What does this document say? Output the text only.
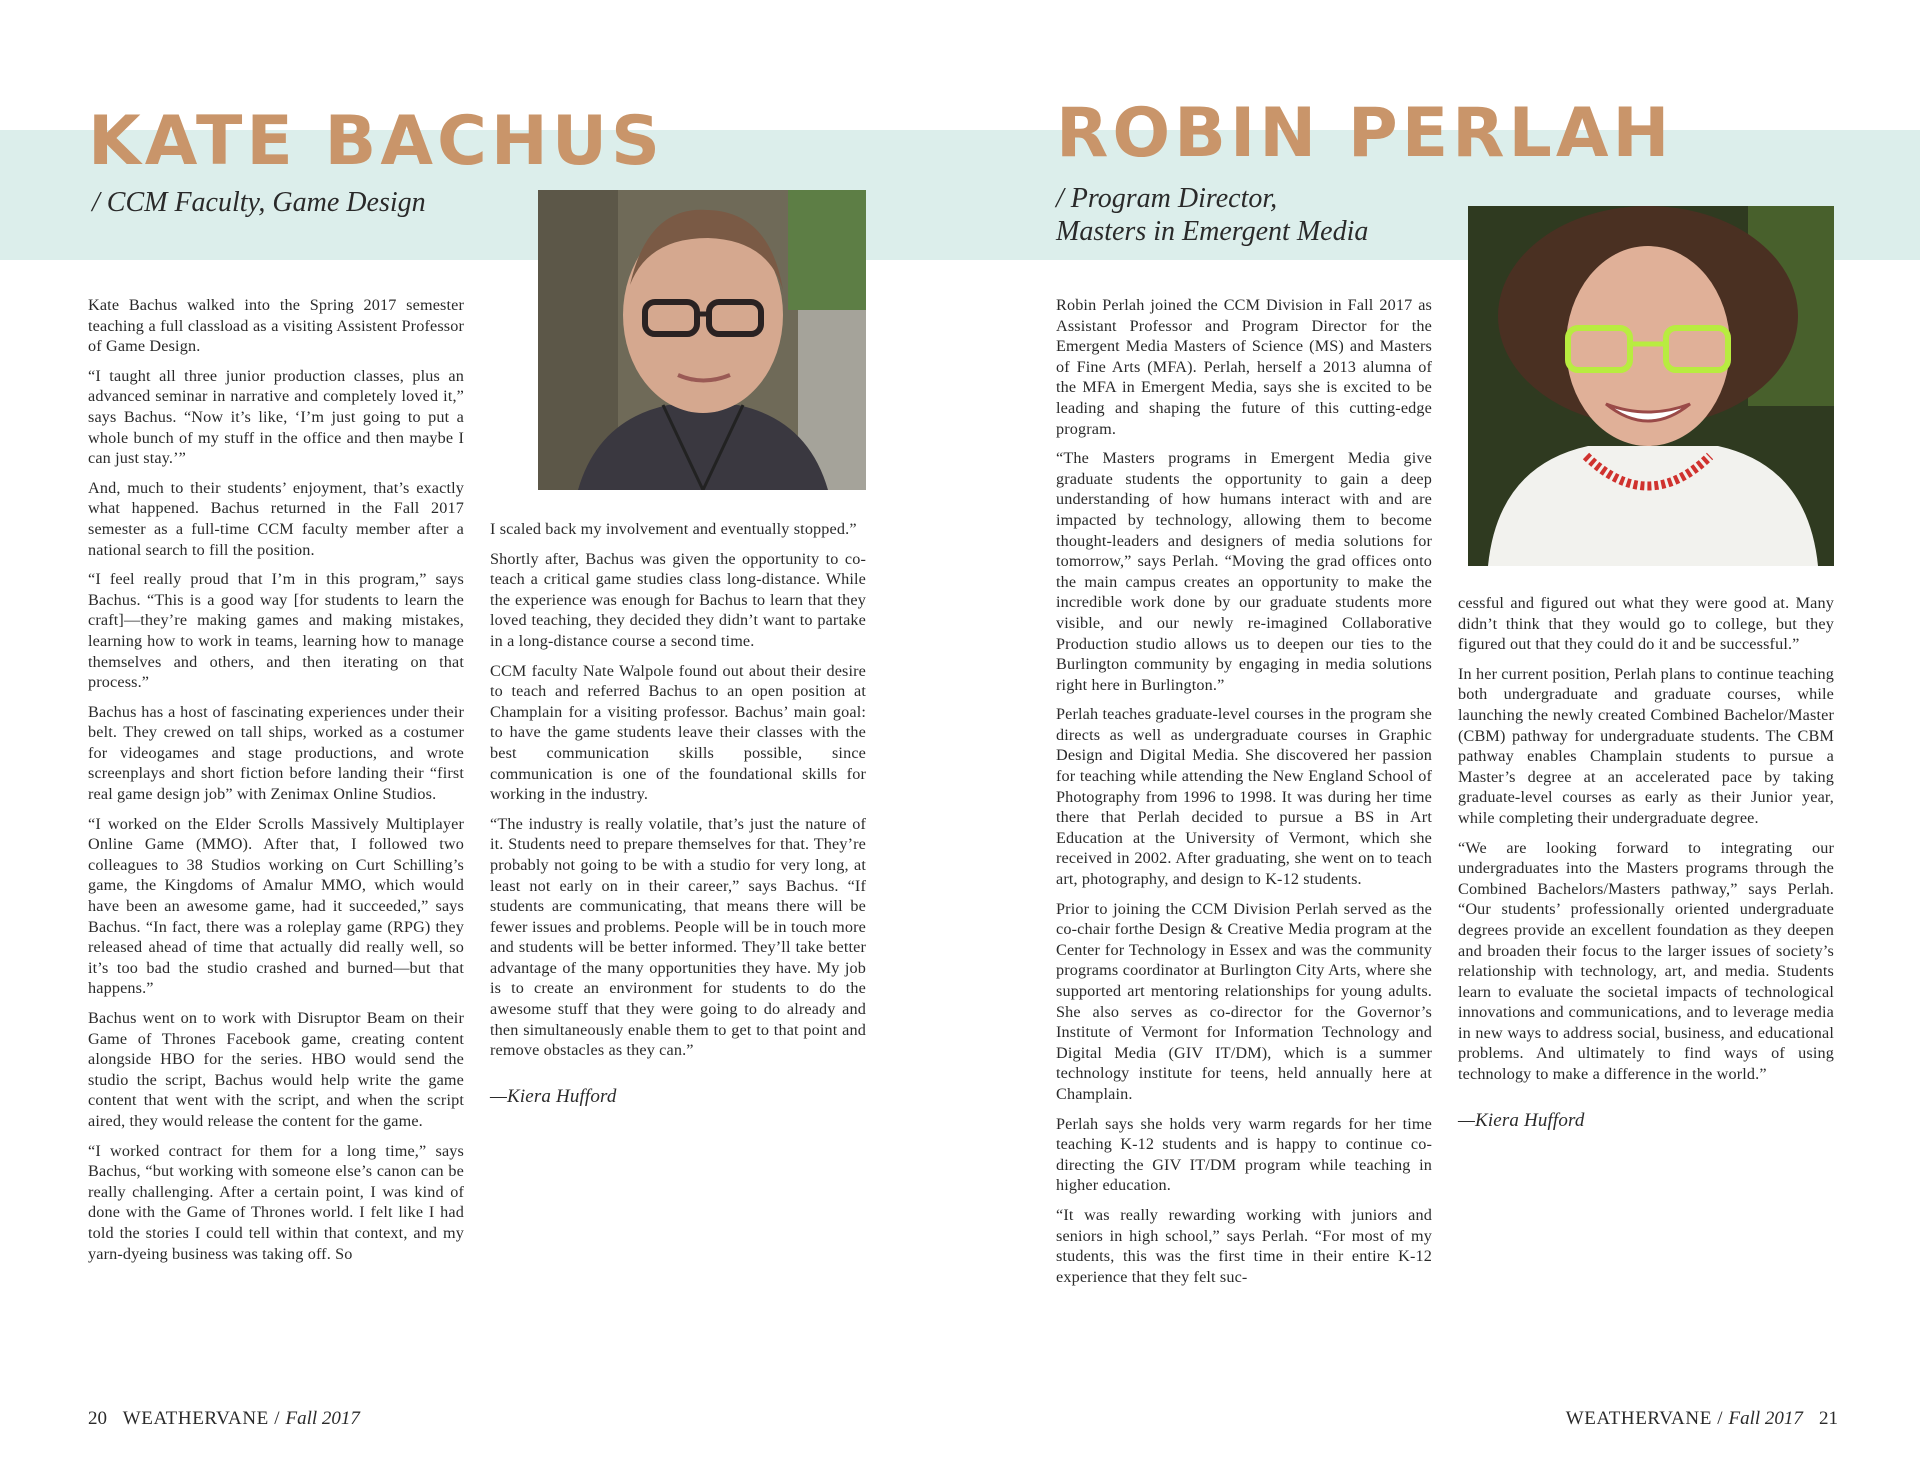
KATE BACHUS

/ CCM Faculty, Game Design

Kate Bachus walked into the Spring 2017 semester teaching a full classload as a visiting Assistent Professor of Game Design.

“I taught all three junior production classes, plus an advanced seminar in narrative and completely loved it,” says Bachus. “Now it’s like, ‘I’m just going to put a whole bunch of my stuff in the office and then maybe I can just stay.’”

And, much to their students’ enjoyment, that’s exactly what happened. Bachus returned in the Fall 2017 semester as a full-time CCM faculty member after a national search to fill the position.

“I feel really proud that I’m in this program,” says Bachus. “This is a good way [for students to learn the craft]—they’re making games and making mistakes, learning how to work in teams, learning how to manage themselves and others, and then iterating on that process.”

Bachus has a host of fascinating experiences under their belt. They crewed on tall ships, worked as a costumer for videogames and stage productions, and wrote screenplays and short fiction before landing their “first real game design job” with Zenimax Online Studios.

“I worked on the Elder Scrolls Massively Multiplayer Online Game (MMO). After that, I followed two colleagues to 38 Studios working on Curt Schilling’s game, the Kingdoms of Amalur MMO, which would have been an awesome game, had it succeeded,” says Bachus. “In fact, there was a roleplay game (RPG) they released ahead of time that actually did really well, so it’s too bad the studio crashed and burned—but that happens.”

Bachus went on to work with Disruptor Beam on their Game of Thrones Facebook game, creating content alongside HBO for the series. HBO would send the studio the script, Bachus would help write the game content that went with the script, and when the script aired, they would release the content for the game.

“I worked contract for them for a long time,” says Bachus, “but working with someone else’s canon can be really challenging. After a certain point, I was kind of done with the Game of Thrones world. I felt like I had told the stories I could tell within that context, and my yarn-dyeing business was taking off. So

I scaled back my involvement and eventually stopped.”

Shortly after, Bachus was given the opportunity to co-teach a critical game studies class long-distance. While the experience was enough for Bachus to learn that they loved teaching, they decided they didn’t want to partake in a long-distance course a second time.

CCM faculty Nate Walpole found out about their desire to teach and referred Bachus to an open position at Champlain for a visiting professor. Bachus’ main goal: to have the game students leave their classes with the best communication skills possible, since communication is one of the foundational skills for working in the industry.

“The industry is really volatile, that’s just the nature of it. Students need to prepare themselves for that. They’re probably not going to be with a studio for very long, at least not early on in their career,” says Bachus. “If students are communicating, that means there will be fewer issues and problems. People will be in touch more and students will be better informed. They’ll take better advantage of the many opportunities they have. My job is to create an environment for students to do the awesome stuff that they were going to do already and then simultaneously enable them to get to that point and remove obstacles as they can.”

—Kiera Hufford

20 WEATHERVANE / Fall 2017
ROBIN PERLAH

/ Program Director,

Masters in Emergent Media

Robin Perlah joined the CCM Division in Fall 2017 as Assistant Professor and Program Director for the Emergent Media Masters of Science (MS) and Masters of Fine Arts (MFA). Perlah, herself a 2013 alumna of the MFA in Emergent Media, says she is excited to be leading and shaping the future of this cutting-edge program.

“The Masters programs in Emergent Media give graduate students the opportunity to gain a deep understanding of how humans interact with and are impacted by technology, allowing them to become thought-leaders and designers of media solutions for tomorrow,” says Perlah. “Moving the grad offices onto the main campus creates an opportunity to make the incredible work done by our graduate students more visible, and our newly re-imagined Collaborative Production studio allows us to deepen our ties to the Burlington community by engaging in media solutions right here in Burlington.”

Perlah teaches graduate-level courses in the program she directs as well as undergraduate courses in Graphic Design and Digital Media. She discovered her passion for teaching while attending the New England School of Photography from 1996 to 1998. It was during her time there that Perlah decided to pursue a BS in Art Education at the University of Vermont, which she received in 2002. After graduating, she went on to teach art, photography, and design to K-12 students.

Prior to joining the CCM Division Perlah served as the co-chair forthe Design & Creative Media program at the Center for Technology in Essex and was the community programs coordinator at Burlington City Arts, where she supported art mentoring relationships for young adults. She also serves as co-director for the Governor’s Institute of Vermont for Information Technology and Digital Media (GIV IT/DM), which is a summer technology institute for teens, held annually here at Champlain.

Perlah says she holds very warm regards for her time teaching K-12 students and is happy to continue co-directing the GIV IT/DM program while teaching in higher education.

“It was really rewarding working with juniors and seniors in high school,” says Perlah. “For most of my students, this was the first time in their entire K-12 experience that they felt suc-

cessful and figured out what they were good at. Many didn’t think that they would go to college, but they figured out that they could do it and be successful.”

In her current position, Perlah plans to continue teaching both undergraduate and graduate courses, while launching the newly created Combined Bachelor/Master (CBM) pathway for undergraduate students. The CBM pathway enables Champlain students to pursue a Master’s degree at an accelerated pace by taking graduate-level courses as early as their Junior year, while completing their undergraduate degree.

“We are looking forward to integrating our undergraduates into the Masters programs through the Combined Bachelors/Masters pathway,” says Perlah. “Our students’ professionally oriented undergraduate degrees provide an excellent foundation as they deepen and broaden their focus to the larger issues of society’s relationship with technology, art, and media. Students learn to evaluate the societal impacts of technological innovations and communications, and to leverage media in new ways to address social, business, and educational problems. And ultimately to find ways of using technology to make a difference in the world.”

—Kiera Hufford

WEATHERVANE / Fall 2017 21
